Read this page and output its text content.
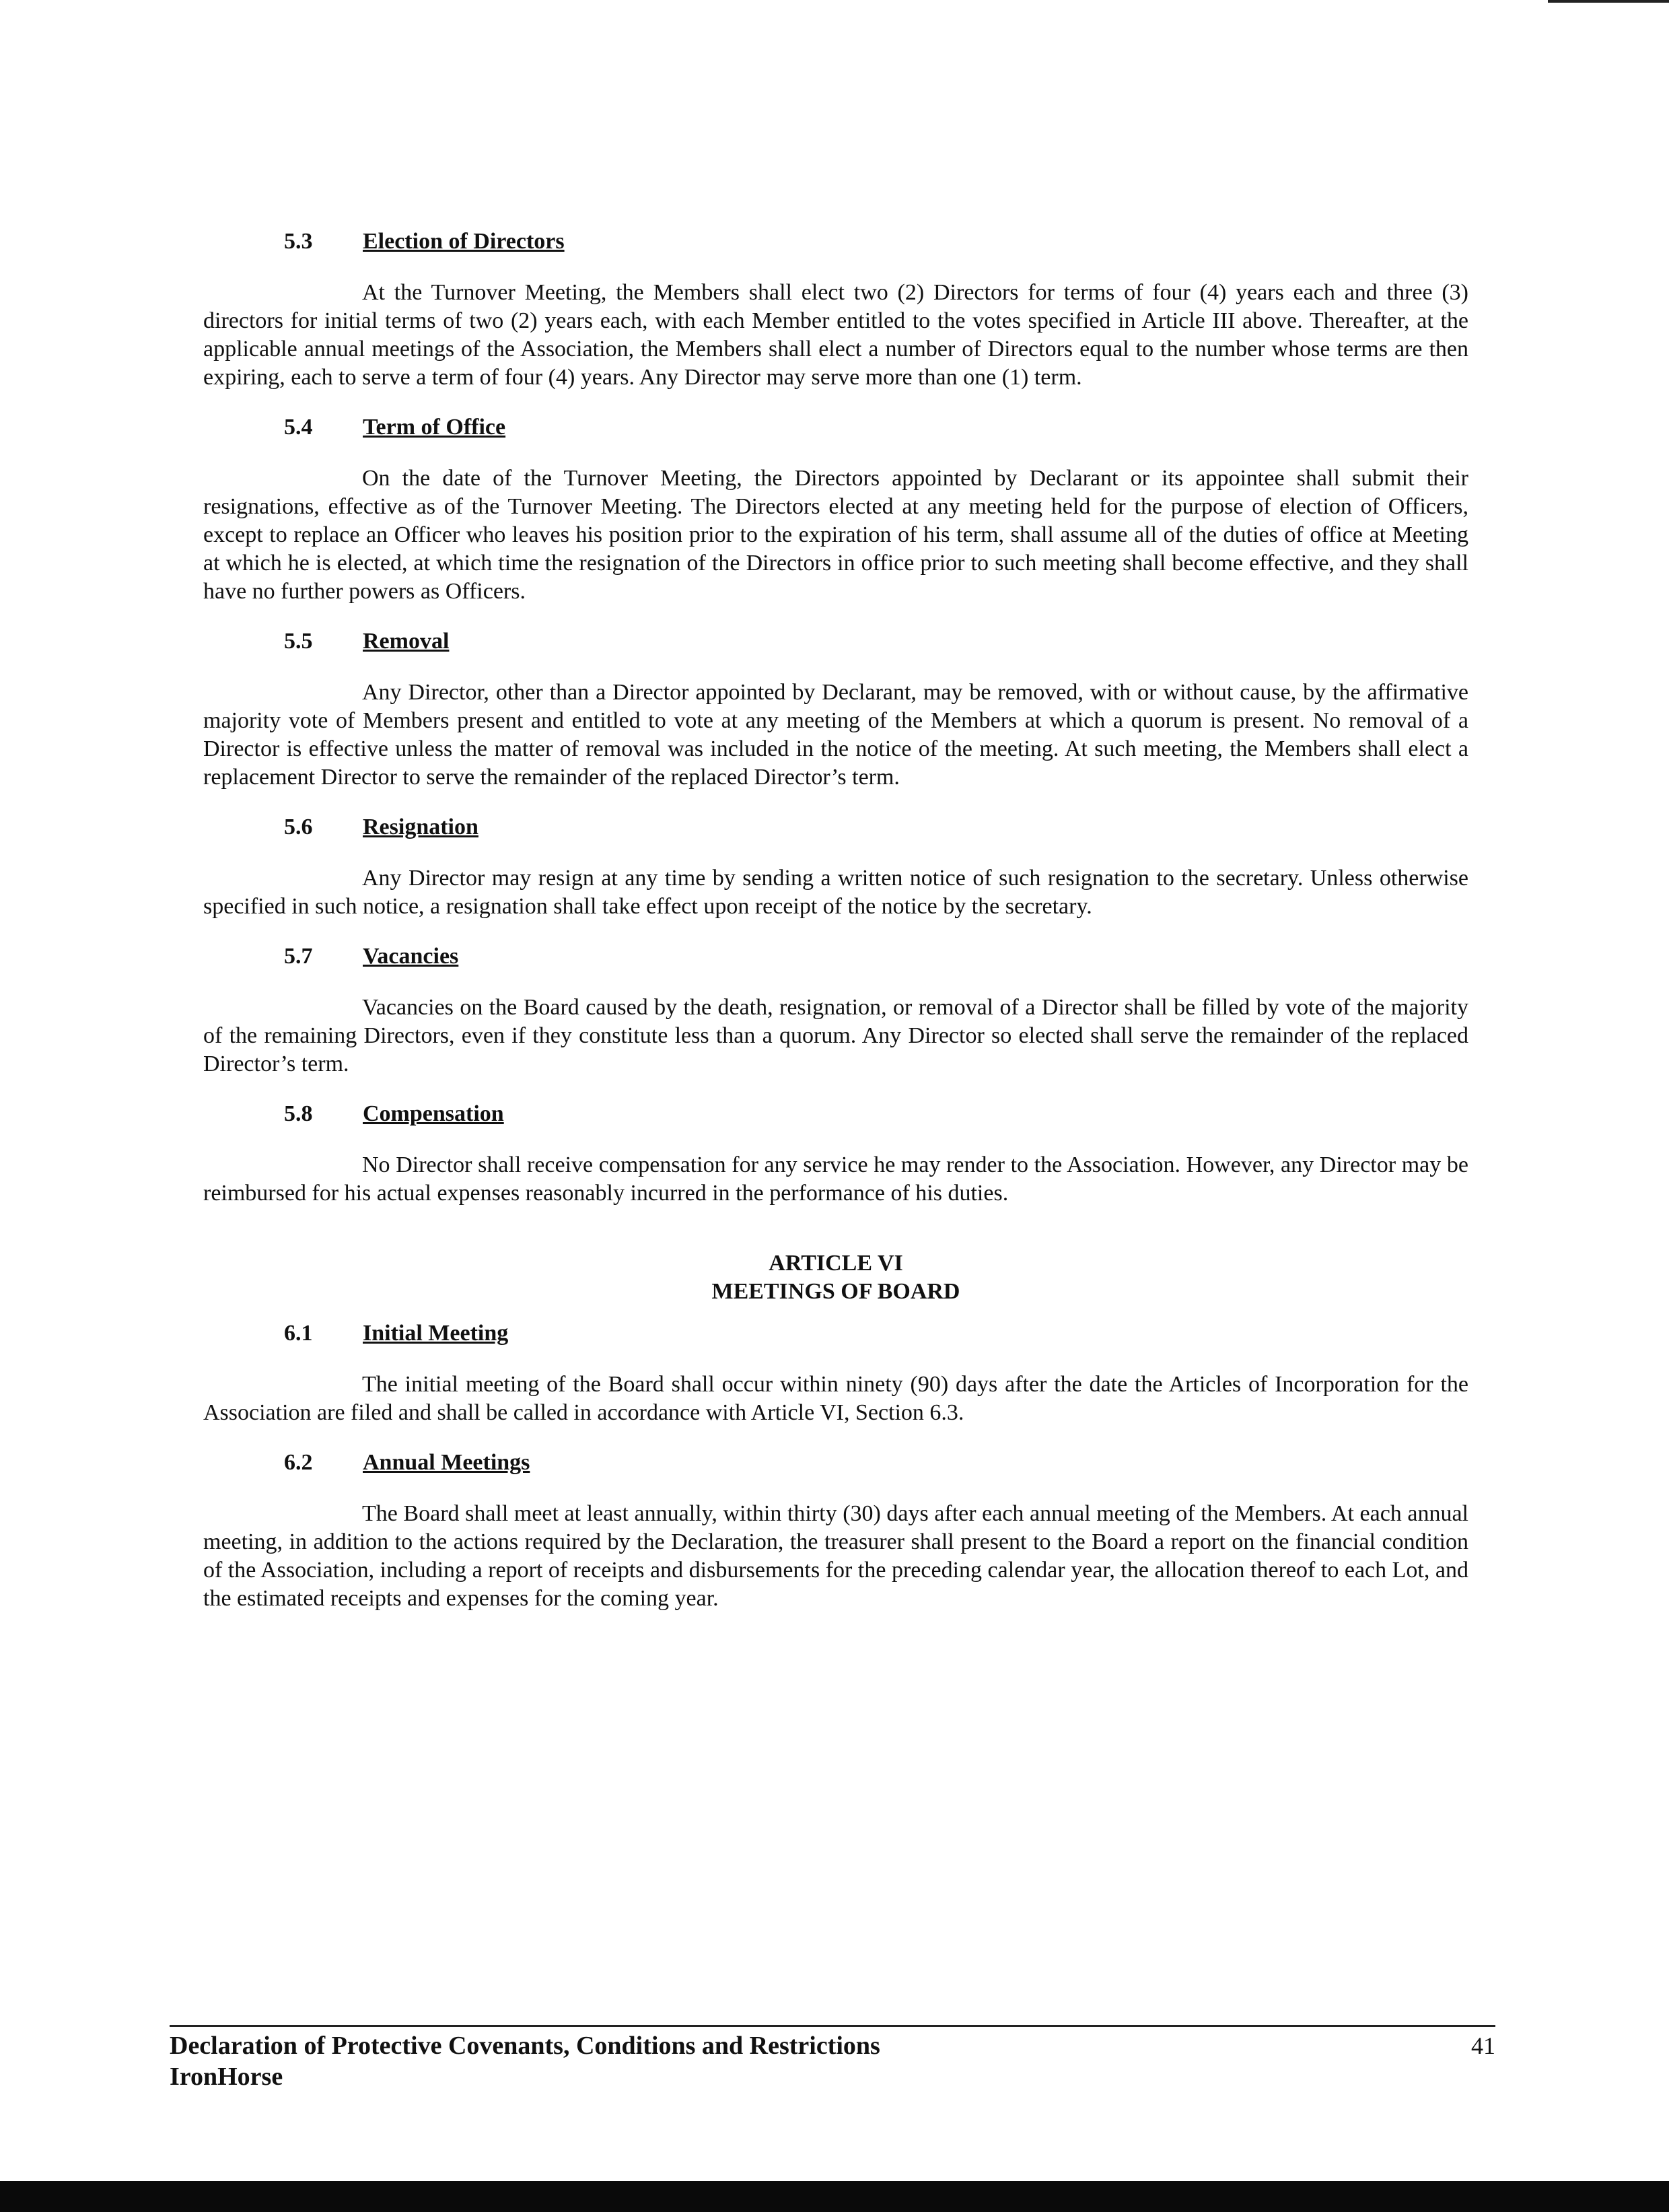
5.3	Election of Directors

At the Turnover Meeting, the Members shall elect two (2) Directors for terms of four (4) years each and three (3) directors for initial terms of two (2) years each, with each Member entitled to the votes specified in Article III above. Thereafter, at the applicable annual meetings of the Association, the Members shall elect a number of Directors equal to the number whose terms are then expiring, each to serve a term of four (4) years. Any Director may serve more than one (1) term.

5.4	Term of Office

On the date of the Turnover Meeting, the Directors appointed by Declarant or its appointee shall submit their resignations, effective as of the Turnover Meeting. The Directors elected at any meeting held for the purpose of election of Officers, except to replace an Officer who leaves his position prior to the expiration of his term, shall assume all of the duties of office at Meeting at which he is elected, at which time the resignation of the Directors in office prior to such meeting shall become effective, and they shall have no further powers as Officers.

5.5	Removal

Any Director, other than a Director appointed by Declarant, may be removed, with or without cause, by the affirmative majority vote of Members present and entitled to vote at any meeting of the Members at which a quorum is present. No removal of a Director is effective unless the matter of removal was included in the notice of the meeting. At such meeting, the Members shall elect a replacement Director to serve the remainder of the replaced Director’s term.

5.6	Resignation

Any Director may resign at any time by sending a written notice of such resignation to the secretary. Unless otherwise specified in such notice, a resignation shall take effect upon receipt of the notice by the secretary.

5.7	Vacancies

Vacancies on the Board caused by the death, resignation, or removal of a Director shall be filled by vote of the majority of the remaining Directors, even if they constitute less than a quorum. Any Director so elected shall serve the remainder of the replaced Director’s term.

5.8	Compensation

No Director shall receive compensation for any service he may render to the Association. However, any Director may be reimbursed for his actual expenses reasonably incurred in the performance of his duties.

ARTICLE VI
MEETINGS OF BOARD
6.1	Initial Meeting

The initial meeting of the Board shall occur within ninety (90) days after the date the Articles of Incorporation for the Association are filed and shall be called in accordance with Article VI, Section 6.3.

6.2	Annual Meetings

The Board shall meet at least annually, within thirty (30) days after each annual meeting of the Members. At each annual meeting, in addition to the actions required by the Declaration, the treasurer shall present to the Board a report on the financial condition of the Association, including a report of receipts and disbursements for the preceding calendar year, the allocation thereof to each Lot, and the estimated receipts and expenses for the coming year.

Declaration of Protective Covenants, Conditions and Restrictions
IronHorse
41
